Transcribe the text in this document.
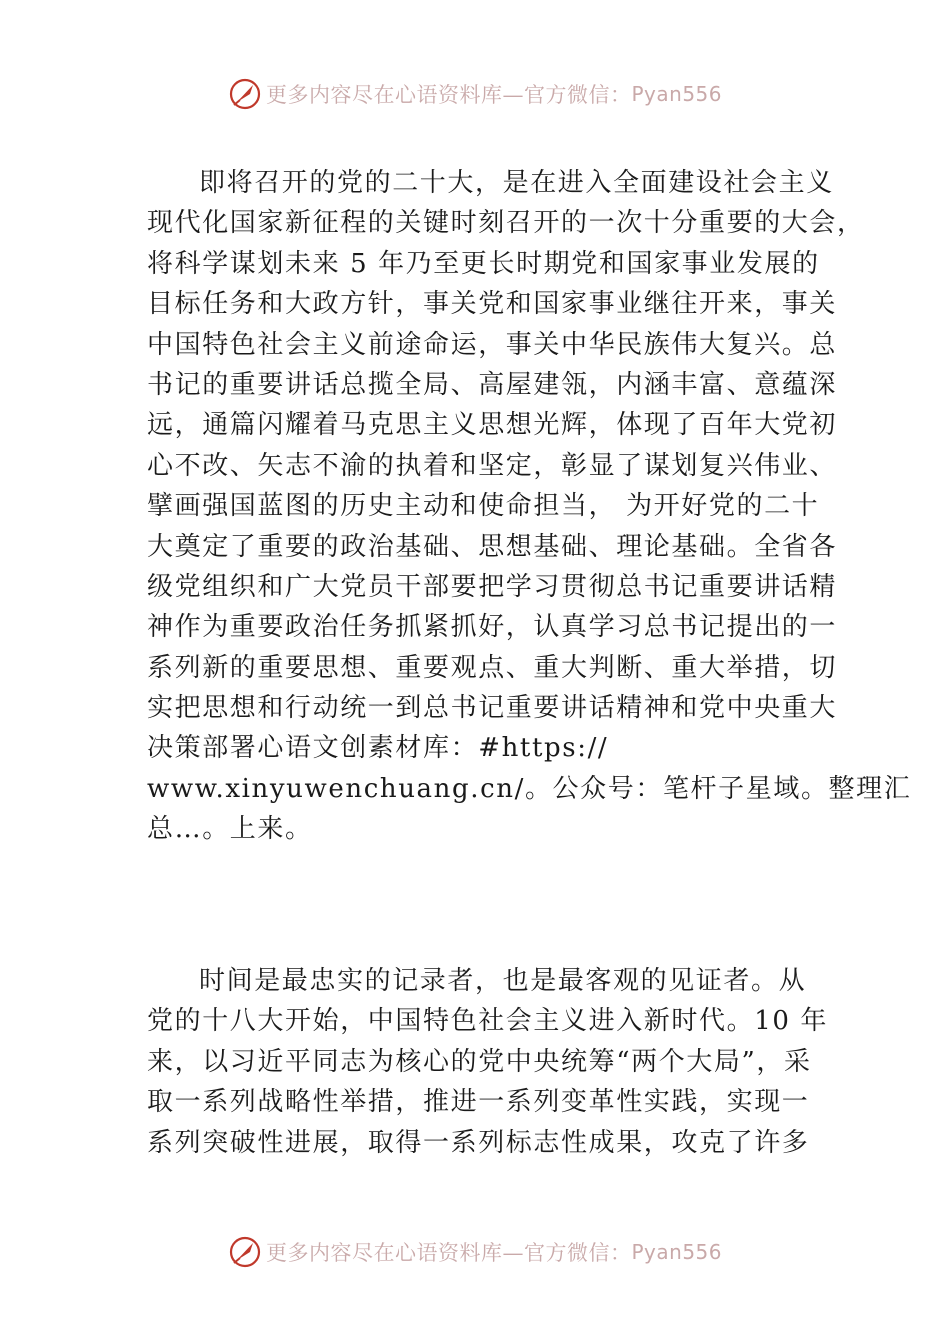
更多内容尽在心语资料库—官方微信： Pyan556
即将召开的党的二十大，是在进入全面建设社会主义
现代化国家新征程的关键时刻召开的一次十分重要的大会，
将科学谋划未来 5 年乃至更长时期党和国家事业发展的
目标任务和大政方针，事关党和国家事业继往开来，事关
中国特色社会主义前途命运，事关中华民族伟大复兴。总
书记的重要讲话总揽全局、高屋建瓴，内涵丰富、意蕴深
远，通篇闪耀着马克思主义思想光辉，体现了百年大党初
心不改、矢志不渝的执着和坚定，彰显了谋划复兴伟业、
擘画强国蓝图的历史主动和使命担当， 为开好党的二十
大奠定了重要的政治基础、思想基础、理论基础。全省各
级党组织和广大党员干部要把学习贯彻总书记重要讲话精
神作为重要政治任务抓紧抓好，认真学习总书记提出的一
系列新的重要思想、重要观点、重大判断、重大举措，切
实把思想和行动统一到总书记重要讲话精神和党中央重大
决策部署心语文创素材库：#https://
www.xinyuwenchuang.cn/。公众号：笔杆子星域。整理汇
总…。上来。
时间是最忠实的记录者，也是最客观的见证者。从
党的十八大开始，中国特色社会主义进入新时代。10 年
来，以习近平同志为核心的党中央统筹“两个大局”，采
取一系列战略性举措，推进一系列变革性实践，实现一
系列突破性进展，取得一系列标志性成果，攻克了许多
更多内容尽在心语资料库—官方微信： Pyan556
